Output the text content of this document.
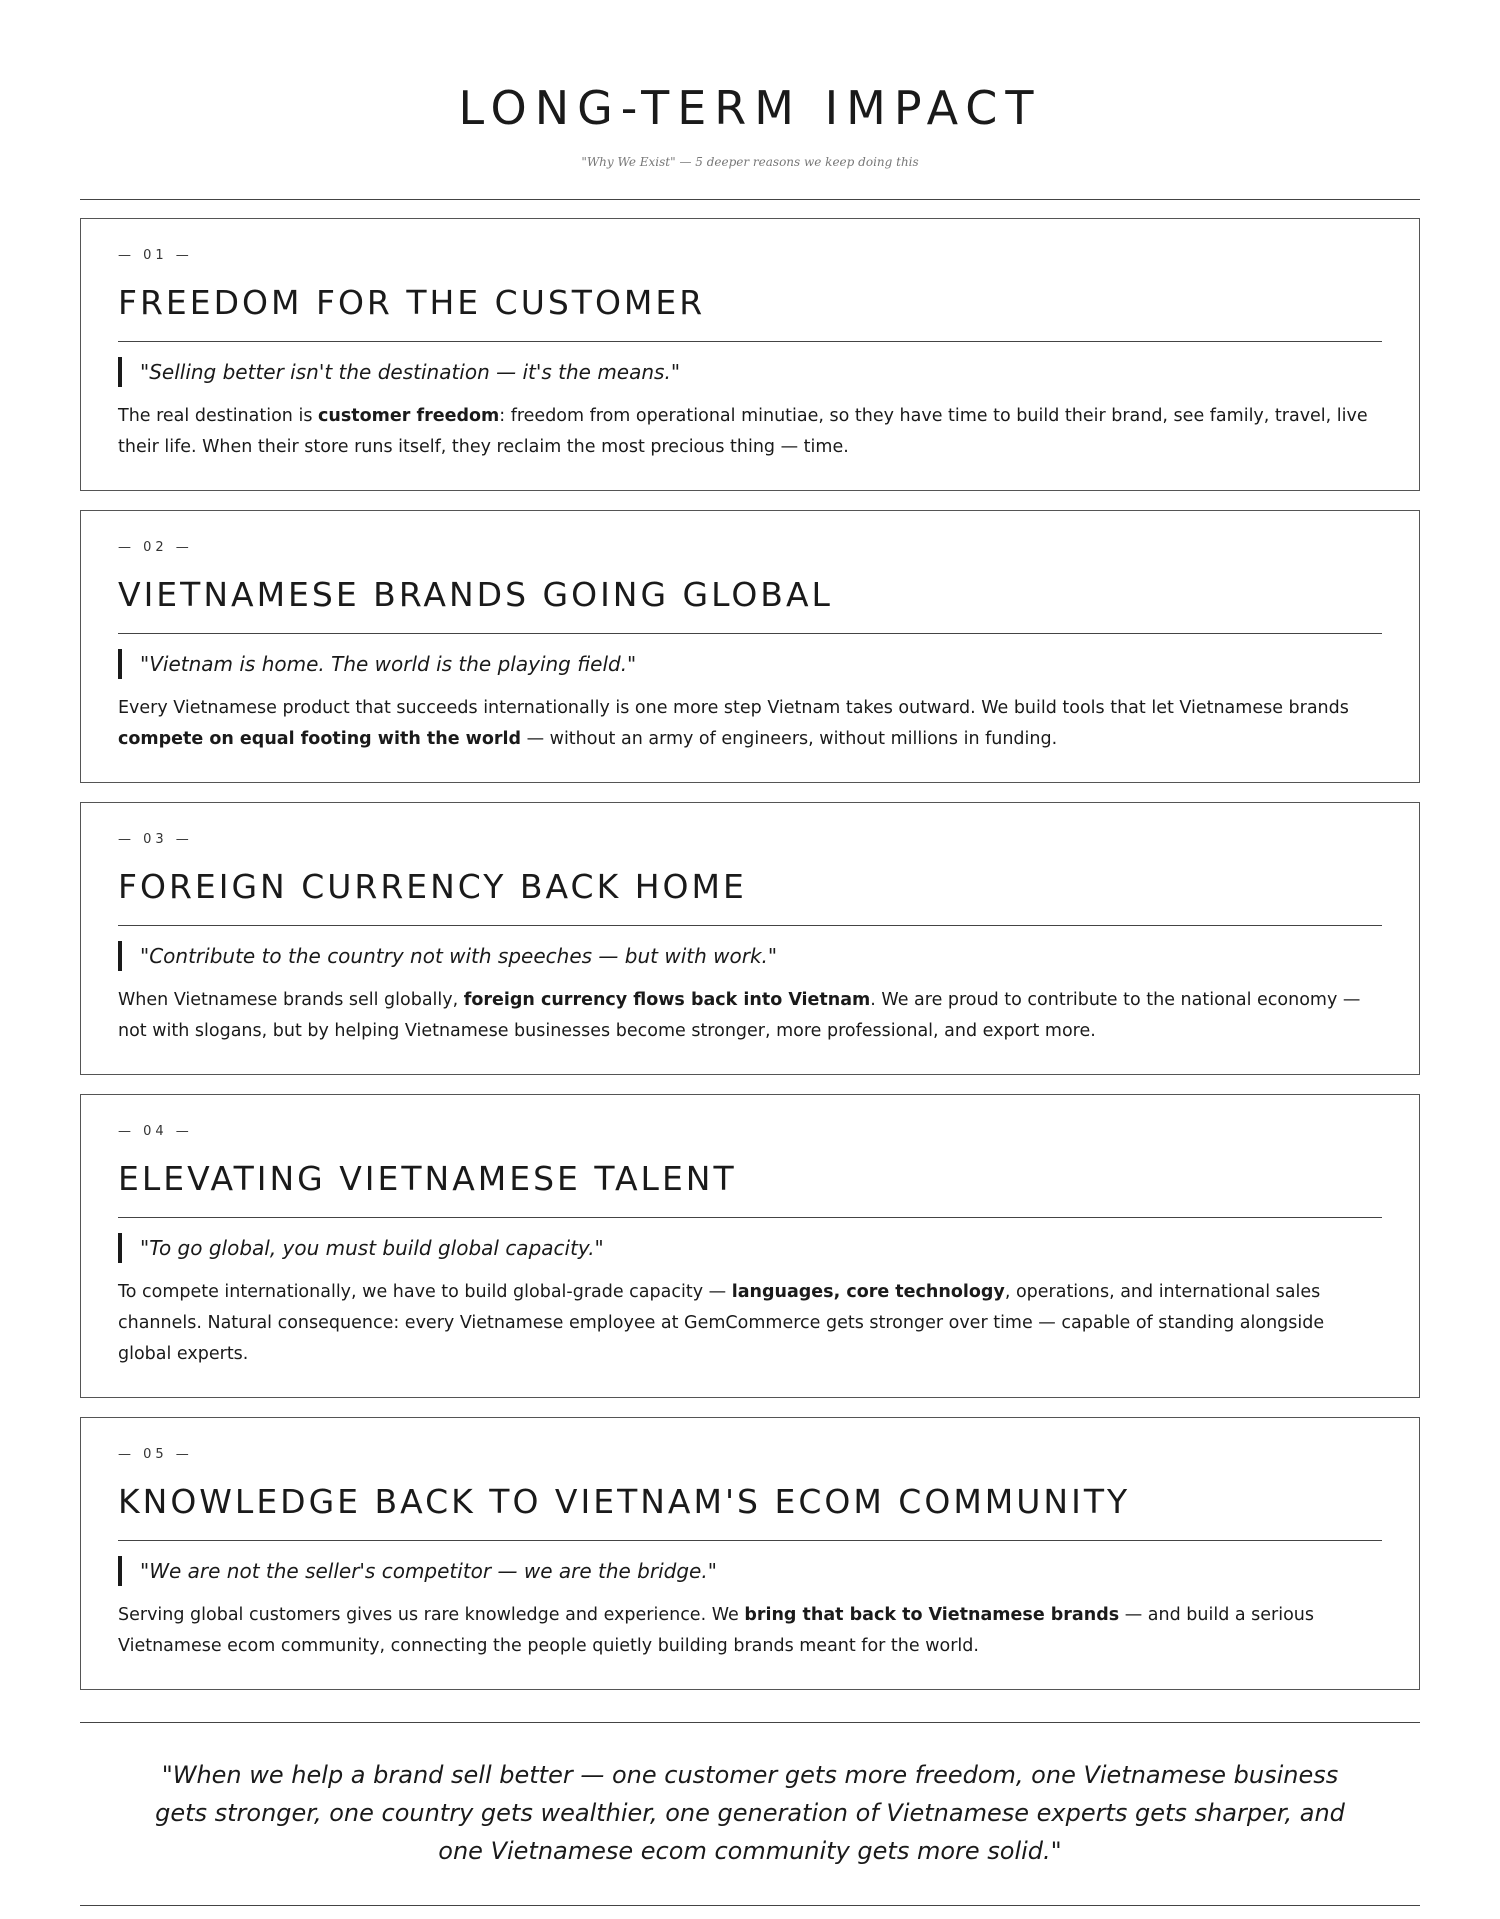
LONG-TERM IMPACT
"Why We Exist" — 5 deeper reasons we keep doing this
— 01 —
FREEDOM FOR THE CUSTOMER
"Selling better isn't the destination — it's the means."
The real destination is customer freedom: freedom from operational minutiae, so they have time to build their brand, see family, travel, live their life. When their store runs itself, they reclaim the most precious thing — time.
— 02 —
VIETNAMESE BRANDS GOING GLOBAL
"Vietnam is home. The world is the playing field."
Every Vietnamese product that succeeds internationally is one more step Vietnam takes outward. We build tools that let Vietnamese brands compete on equal footing with the world — without an army of engineers, without millions in funding.
— 03 —
FOREIGN CURRENCY BACK HOME
"Contribute to the country not with speeches — but with work."
When Vietnamese brands sell globally, foreign currency flows back into Vietnam. We are proud to contribute to the national economy — not with slogans, but by helping Vietnamese businesses become stronger, more professional, and export more.
— 04 —
ELEVATING VIETNAMESE TALENT
"To go global, you must build global capacity."
To compete internationally, we have to build global-grade capacity — languages, core technology, operations, and international sales channels. Natural consequence: every Vietnamese employee at GemCommerce gets stronger over time — capable of standing alongside global experts.
— 05 —
KNOWLEDGE BACK TO VIETNAM'S ECOM COMMUNITY
"We are not the seller's competitor — we are the bridge."
Serving global customers gives us rare knowledge and experience. We bring that back to Vietnamese brands — and build a serious Vietnamese ecom community, connecting the people quietly building brands meant for the world.
"When we help a brand sell better — one customer gets more freedom, one Vietnamese business gets stronger, one country gets wealthier, one generation of Vietnamese experts gets sharper, and one Vietnamese ecom community gets more solid."
